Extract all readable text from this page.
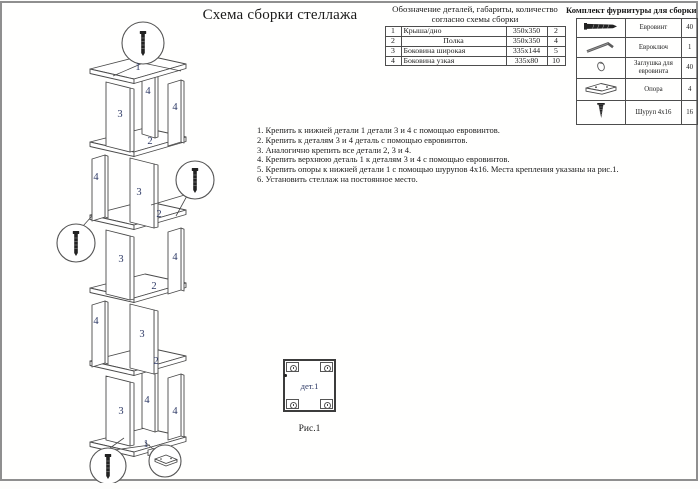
Схема сборки стеллажа	Обозначение деталей, габариты, количество
согласно схемы сборки
1	Крыша/дно	350х350	2
2	Полка	350х350	4
3	Боковина широкая	335х144	5
4	Боковина узкая	335х80	10
Комплект фурнитуры для сборки
	Евровинт	40
	Евроключ	1
	Заглушка для евровинта	40
	Опора	4
	Шуруп 4х16	16
1. Крепить к нижней детали 1 детали 3 и 4 с помощью евровинтов.
2. Крепить к деталям 3 и 4 деталь с помощью евровинтов.
3. Аналогично крепить все детали 2, 3 и 4.
4. Крепить верхнюю деталь 1 к деталям 3 и 4 с помощью евровинтов.
5. Крепить опоры к нижней детали 1 с помощью шурупов 4х16. Места крепления указаны на рис.1.
6. Установить стеллаж на постоянное место.
дет.1
Рис.1
1
4
3
4
2
4
3
2
3	4
2
4
3
2
3
4
4
1
